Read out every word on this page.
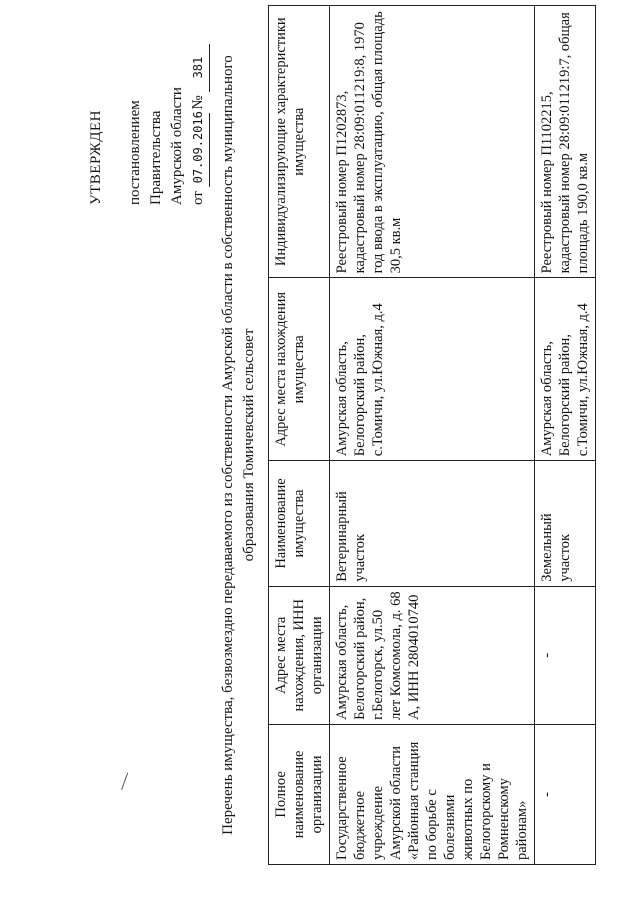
УТВЕРЖДЕН постановлением Правительства Амурской области от 07.09.2016 № 381	Перечень имущества, безвозмездно передаваемого из собственности Амурской области в собственность муниципального образования Томичевский сельсовет
Полное наименование организации	Адрес места нахождения, ИНН организации	Наименование имущества	Адрес места нахождения имущества	Индивидуализирующие характеристики имущества
Государственное бюджетное учреждение Амурской области «Районная станция по борьбе с болезнями животных по Белогорскому и Ромненскому районам»	Амурская область, Белогорский район, г.Белогорск, ул.50 лет Комсомола, д. 68 А, ИНН 2804010740	Ветеринарный участок	Амурская область, Белогорский район, с.Томичи, ул.Южная, д.4	Реестровый номер П1202873, кадастровый номер 28:09:011219:8, 1970 год ввода в эксплуатацию, общая площадь 30,5 кв.м
-	-	Земельный участок	Амурская область, Белогорский район, с.Томичи, ул.Южная, д.4	Реестровый номер П1102215, кадастровый номер 28:09:011219:7, общая площадь 190,0 кв.м
